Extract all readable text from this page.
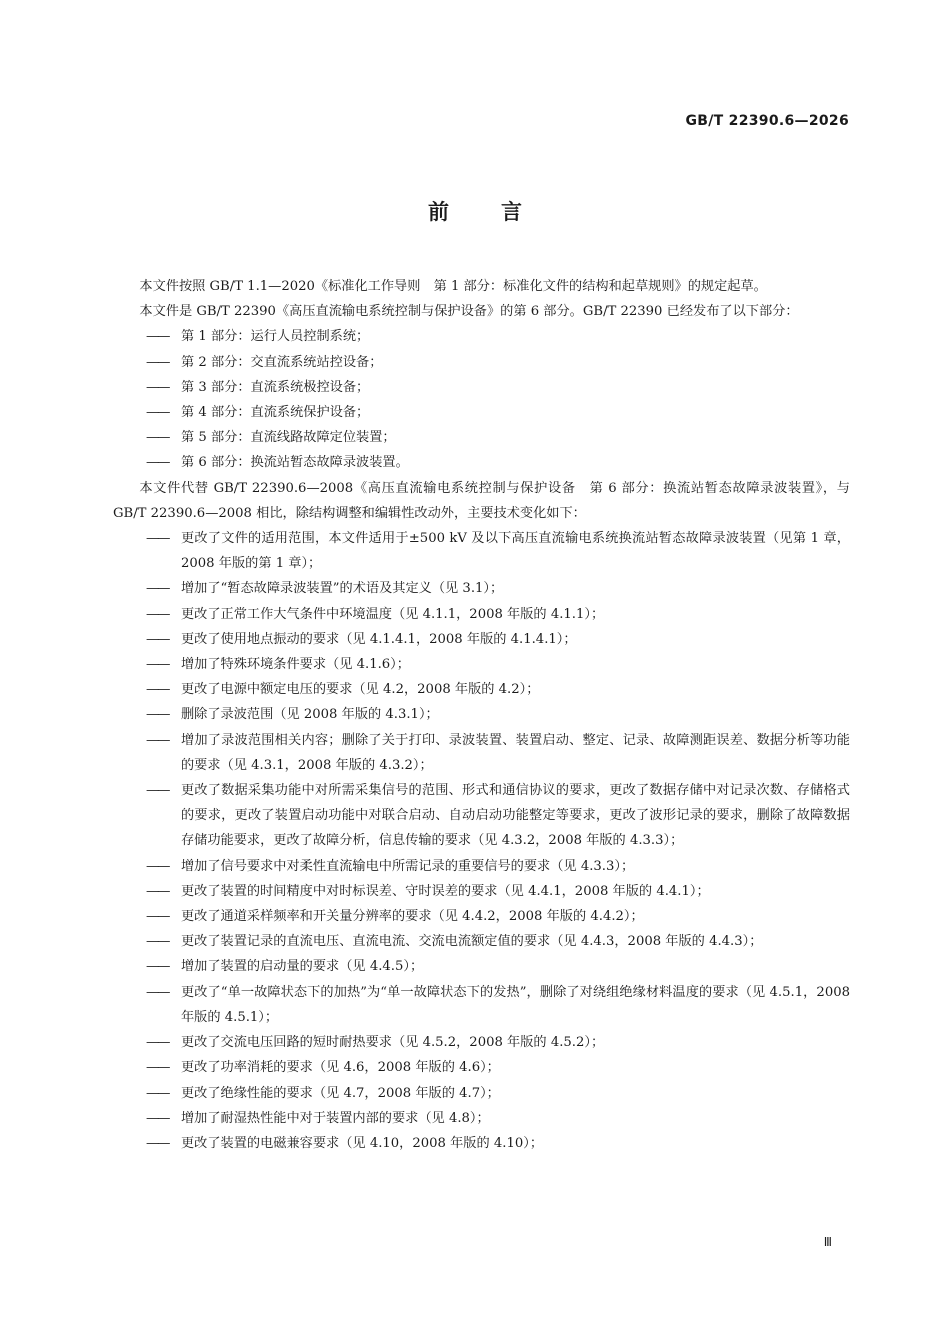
GB/T 22390.6—2026
前言
本文件按照 GB/T 1.1—2020《标准化工作导则　第 1 部分：标准化文件的结构和起草规则》的规定起草。
本文件是 GB/T 22390《高压直流输电系统控制与保护设备》的第 6 部分。GB/T 22390 已经发布了以下部分：
—— 第 1 部分：运行人员控制系统；
—— 第 2 部分：交直流系统站控设备；
—— 第 3 部分：直流系统极控设备；
—— 第 4 部分：直流系统保护设备；
—— 第 5 部分：直流线路故障定位装置；
—— 第 6 部分：换流站暂态故障录波装置。
本文件代替 GB/T 22390.6—2008《高压直流输电系统控制与保护设备　第 6 部分：换流站暂态故障录波装置》，与 GB/T 22390.6—2008 相比，除结构调整和编辑性改动外，主要技术变化如下：
—— 更改了文件的适用范围，本文件适用于±500 kV 及以下高压直流输电系统换流站暂态故障录波装置（见第 1 章，2008 年版的第 1 章）；
—— 增加了“暂态故障录波装置”的术语及其定义（见 3.1）；
—— 更改了正常工作大气条件中环境温度（见 4.1.1，2008 年版的 4.1.1）；
—— 更改了使用地点振动的要求（见 4.1.4.1，2008 年版的 4.1.4.1）；
—— 增加了特殊环境条件要求（见 4.1.6）；
—— 更改了电源中额定电压的要求（见 4.2，2008 年版的 4.2）；
—— 删除了录波范围（见 2008 年版的 4.3.1）；
—— 增加了录波范围相关内容；删除了关于打印、录波装置、装置启动、整定、记录、故障测距误差、数据分析等功能的要求（见 4.3.1，2008 年版的 4.3.2）；
—— 更改了数据采集功能中对所需采集信号的范围、形式和通信协议的要求，更改了数据存储中对记录次数、存储格式的要求，更改了装置启动功能中对联合启动、自动启动功能整定等要求，更改了波形记录的要求，删除了故障数据存储功能要求，更改了故障分析，信息传输的要求（见 4.3.2，2008 年版的 4.3.3）；
—— 增加了信号要求中对柔性直流输电中所需记录的重要信号的要求（见 4.3.3）；
—— 更改了装置的时间精度中对时标误差、守时误差的要求（见 4.4.1，2008 年版的 4.4.1）；
—— 更改了通道采样频率和开关量分辨率的要求（见 4.4.2，2008 年版的 4.4.2）；
—— 更改了装置记录的直流电压、直流电流、交流电流额定值的要求（见 4.4.3，2008 年版的 4.4.3）；
—— 增加了装置的启动量的要求（见 4.4.5）；
—— 更改了“单一故障状态下的加热”为“单一故障状态下的发热”，删除了对绕组绝缘材料温度的要求（见 4.5.1，2008 年版的 4.5.1）；
—— 更改了交流电压回路的短时耐热要求（见 4.5.2，2008 年版的 4.5.2）；
—— 更改了功率消耗的要求（见 4.6，2008 年版的 4.6）；
—— 更改了绝缘性能的要求（见 4.7，2008 年版的 4.7）；
—— 增加了耐湿热性能中对于装置内部的要求（见 4.8）；
—— 更改了装置的电磁兼容要求（见 4.10，2008 年版的 4.10）；
Ⅲ
